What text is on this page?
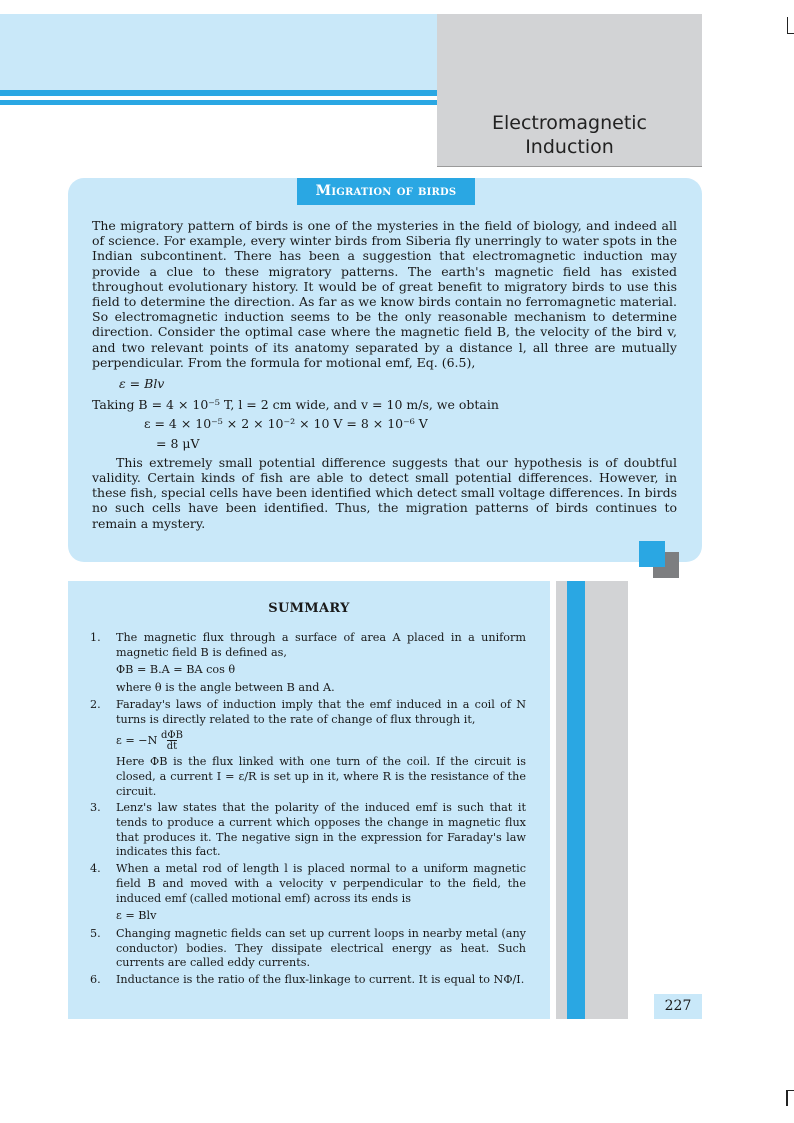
Electromagnetic
Induction
Migration of birds

The migratory pattern of birds is one of the mysteries in the field of biology, and indeed all of science. For example, every winter birds from Siberia fly unerringly to water spots in the Indian subcontinent. There has been a suggestion that electromagnetic induction may provide a clue to these migratory patterns. The earth's magnetic field has existed throughout evolutionary history. It would be of great benefit to migratory birds to use this field to determine the direction. As far as we know birds contain no ferromagnetic material. So electromagnetic induction seems to be the only reasonable mechanism to determine direction. Consider the optimal case where the magnetic field B, the velocity of the bird v, and two relevant points of its anatomy separated by a distance l, all three are mutually perpendicular. From the formula for motional emf, Eq. (6.5),

ε = Blv

Taking B = 4 × 10⁻⁵ T, l = 2 cm wide, and v = 10 m/s, we obtain

ε = 4 × 10⁻⁵ × 2 × 10⁻² × 10 V = 8 × 10⁻⁶ V

= 8 μV

This extremely small potential difference suggests that our hypothesis is of doubtful validity. Certain kinds of fish are able to detect small potential differences. However, in these fish, special cells have been identified which detect small voltage differences. In birds no such cells have been identified. Thus, the migration patterns of birds continues to remain a mystery.

SUMMARY
1. The magnetic flux through a surface of area A placed in a uniform magnetic field B is defined as,
ΦB = B.A = BA cos θ
where θ is the angle between B and A.
2. Faraday's laws of induction imply that the emf induced in a coil of N turns is directly related to the rate of change of flux through it,
$\varepsilon = -N \frac{\text{dΦB}}{dt}$
Here ΦB is the flux linked with one turn of the coil. If the circuit is closed, a current I = ε/R is set up in it, where R is the resistance of the circuit.
3. Lenz's law states that the polarity of the induced emf is such that it tends to produce a current which opposes the change in magnetic flux that produces it. The negative sign in the expression for Faraday's law indicates this fact.
4. When a metal rod of length l is placed normal to a uniform magnetic field B and moved with a velocity v perpendicular to the field, the induced emf (called motional emf) across its ends is
ε = Blv
5. Changing magnetic fields can set up current loops in nearby metal (any conductor) bodies. They dissipate electrical energy as heat. Such currents are called eddy currents.
6. Inductance is the ratio of the flux-linkage to current. It is equal to NΦ/I.
227
